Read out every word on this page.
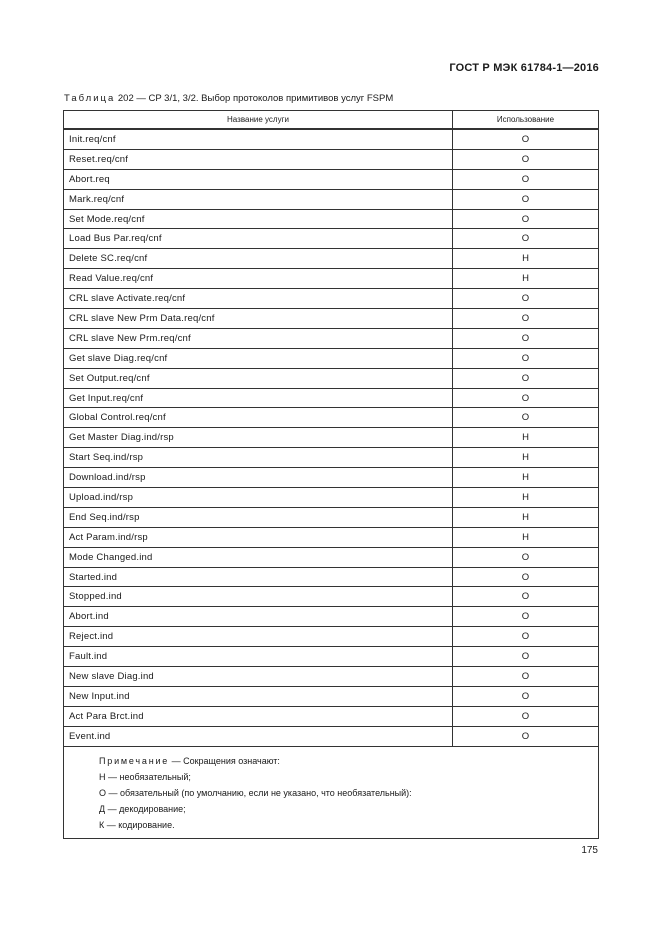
ГОСТ Р МЭК 61784-1—2016
Таблица 202 — CP 3/1, 3/2. Выбор протоколов примитивов услуг FSPM
Название услуги	Использование
Init.req/cnf	O
Reset.req/cnf	O
Abort.req	O
Mark.req/cnf	O
Set Mode.req/cnf	O
Load Bus Par.req/cnf	O
Delete SC.req/cnf	Н
Read Value.req/cnf	Н
CRL slave Activate.req/cnf	O
CRL slave New Prm Data.req/cnf	O
CRL slave New Prm.req/cnf	O
Get slave Diag.req/cnf	O
Set Output.req/cnf	O
Get Input.req/cnf	O
Global Control.req/cnf	O
Get Master Diag.ind/rsp	Н
Start Seq.ind/rsp	Н
Download.ind/rsp	Н
Upload.ind/rsp	Н
End Seq.ind/rsp	Н
Act Param.ind/rsp	Н
Mode Changed.ind	O
Started.ind	O
Stopped.ind	O
Abort.ind	O
Reject.ind	O
Fault.ind	O
New slave Diag.ind	O
New Input.ind	O
Act Para Brct.ind	O
Event.ind	O

Примечание — Сокращения означают:
Н — необязательный;
О — обязательный (по умолчанию, если не указано, что необязательный):
Д — декодирование;
К — кодирование.	
175
